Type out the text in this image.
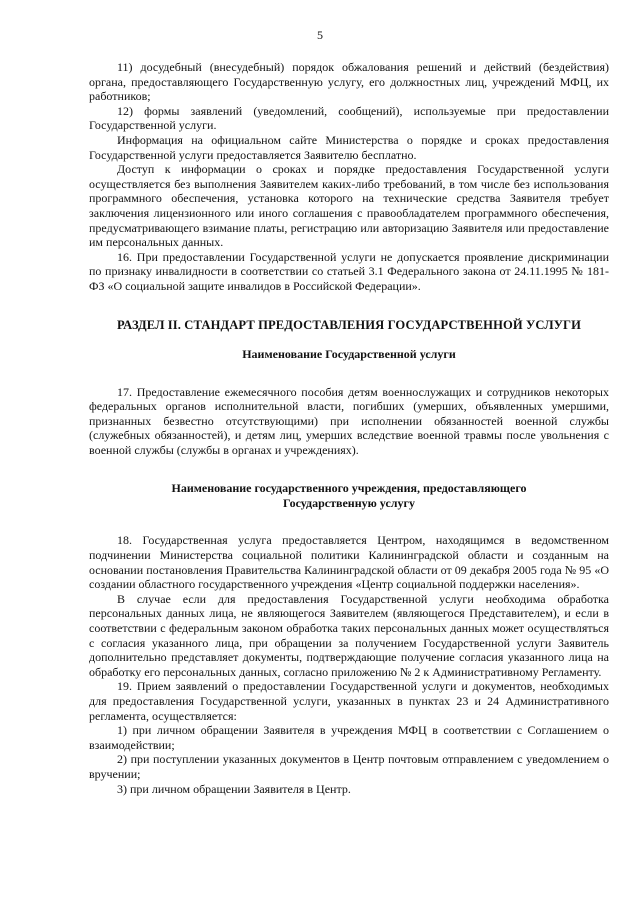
5

11) досудебный (внесудебный) порядок обжалования решений и действий (бездействия) органа, предоставляющего Государственную услугу, его должностных лиц, учреждений МФЦ, их работников;

12) формы заявлений (уведомлений, сообщений), используемые при предоставлении Государственной услуги.

Информация на официальном сайте Министерства о порядке и сроках предоставления Государственной услуги предоставляется Заявителю бесплатно.

Доступ к информации о сроках и порядке предоставления Государственной услуги осуществляется без выполнения Заявителем каких-либо требований, в том числе без использования программного обеспечения, установка которого на технические средства Заявителя требует заключения лицензионного или иного соглашения с правообладателем программного обеспечения, предусматривающего взимание платы, регистрацию или авторизацию Заявителя или предоставление им персональных данных.

16. При предоставлении Государственной услуги не допускается проявление дискриминации по признаку инвалидности в соответствии со статьей 3.1 Федерального закона от 24.11.1995 № 181-ФЗ «О социальной защите инвалидов в Российской Федерации».

РАЗДЕЛ II. СТАНДАРТ ПРЕДОСТАВЛЕНИЯ ГОСУДАРСТВЕННОЙ УСЛУГИ
Наименование Государственной услуги

17. Предоставление ежемесячного пособия детям военнослужащих и сотрудников некоторых федеральных органов исполнительной власти, погибших (умерших, объявленных умершими, признанных безвестно отсутствующими) при исполнении обязанностей военной службы (служебных обязанностей), и детям лиц, умерших вследствие военной травмы после увольнения с военной службы (службы в органах и учреждениях).

Наименование государственного учреждения, предоставляющего
Государственную услугу

18. Государственная услуга предоставляется Центром, находящимся в ведомственном подчинении Министерства социальной политики Калининградской области и созданным на основании постановления Правительства Калининградской области от 09 декабря 2005 года № 95 «О создании областного государственного учреждения «Центр социальной поддержки населения».

В случае если для предоставления Государственной услуги необходима обработка персональных данных лица, не являющегося Заявителем (являющегося Представителем), и если в соответствии с федеральным законом обработка таких персональных данных может осуществляться с согласия указанного лица, при обращении за получением Государственной услуги Заявитель дополнительно представляет документы, подтверждающие получение согласия указанного лица на обработку его персональных данных, согласно приложению № 2 к Административному Регламенту.

19. Прием заявлений о предоставлении Государственной услуги и документов, необходимых для предоставления Государственной услуги, указанных в пунктах 23 и 24 Административного регламента, осуществляется:

1) при личном обращении Заявителя в учреждения МФЦ в соответствии с Соглашением о взаимодействии;

2) при поступлении указанных документов в Центр почтовым отправлением с уведомлением о вручении;

3) при личном обращении Заявителя в Центр.
